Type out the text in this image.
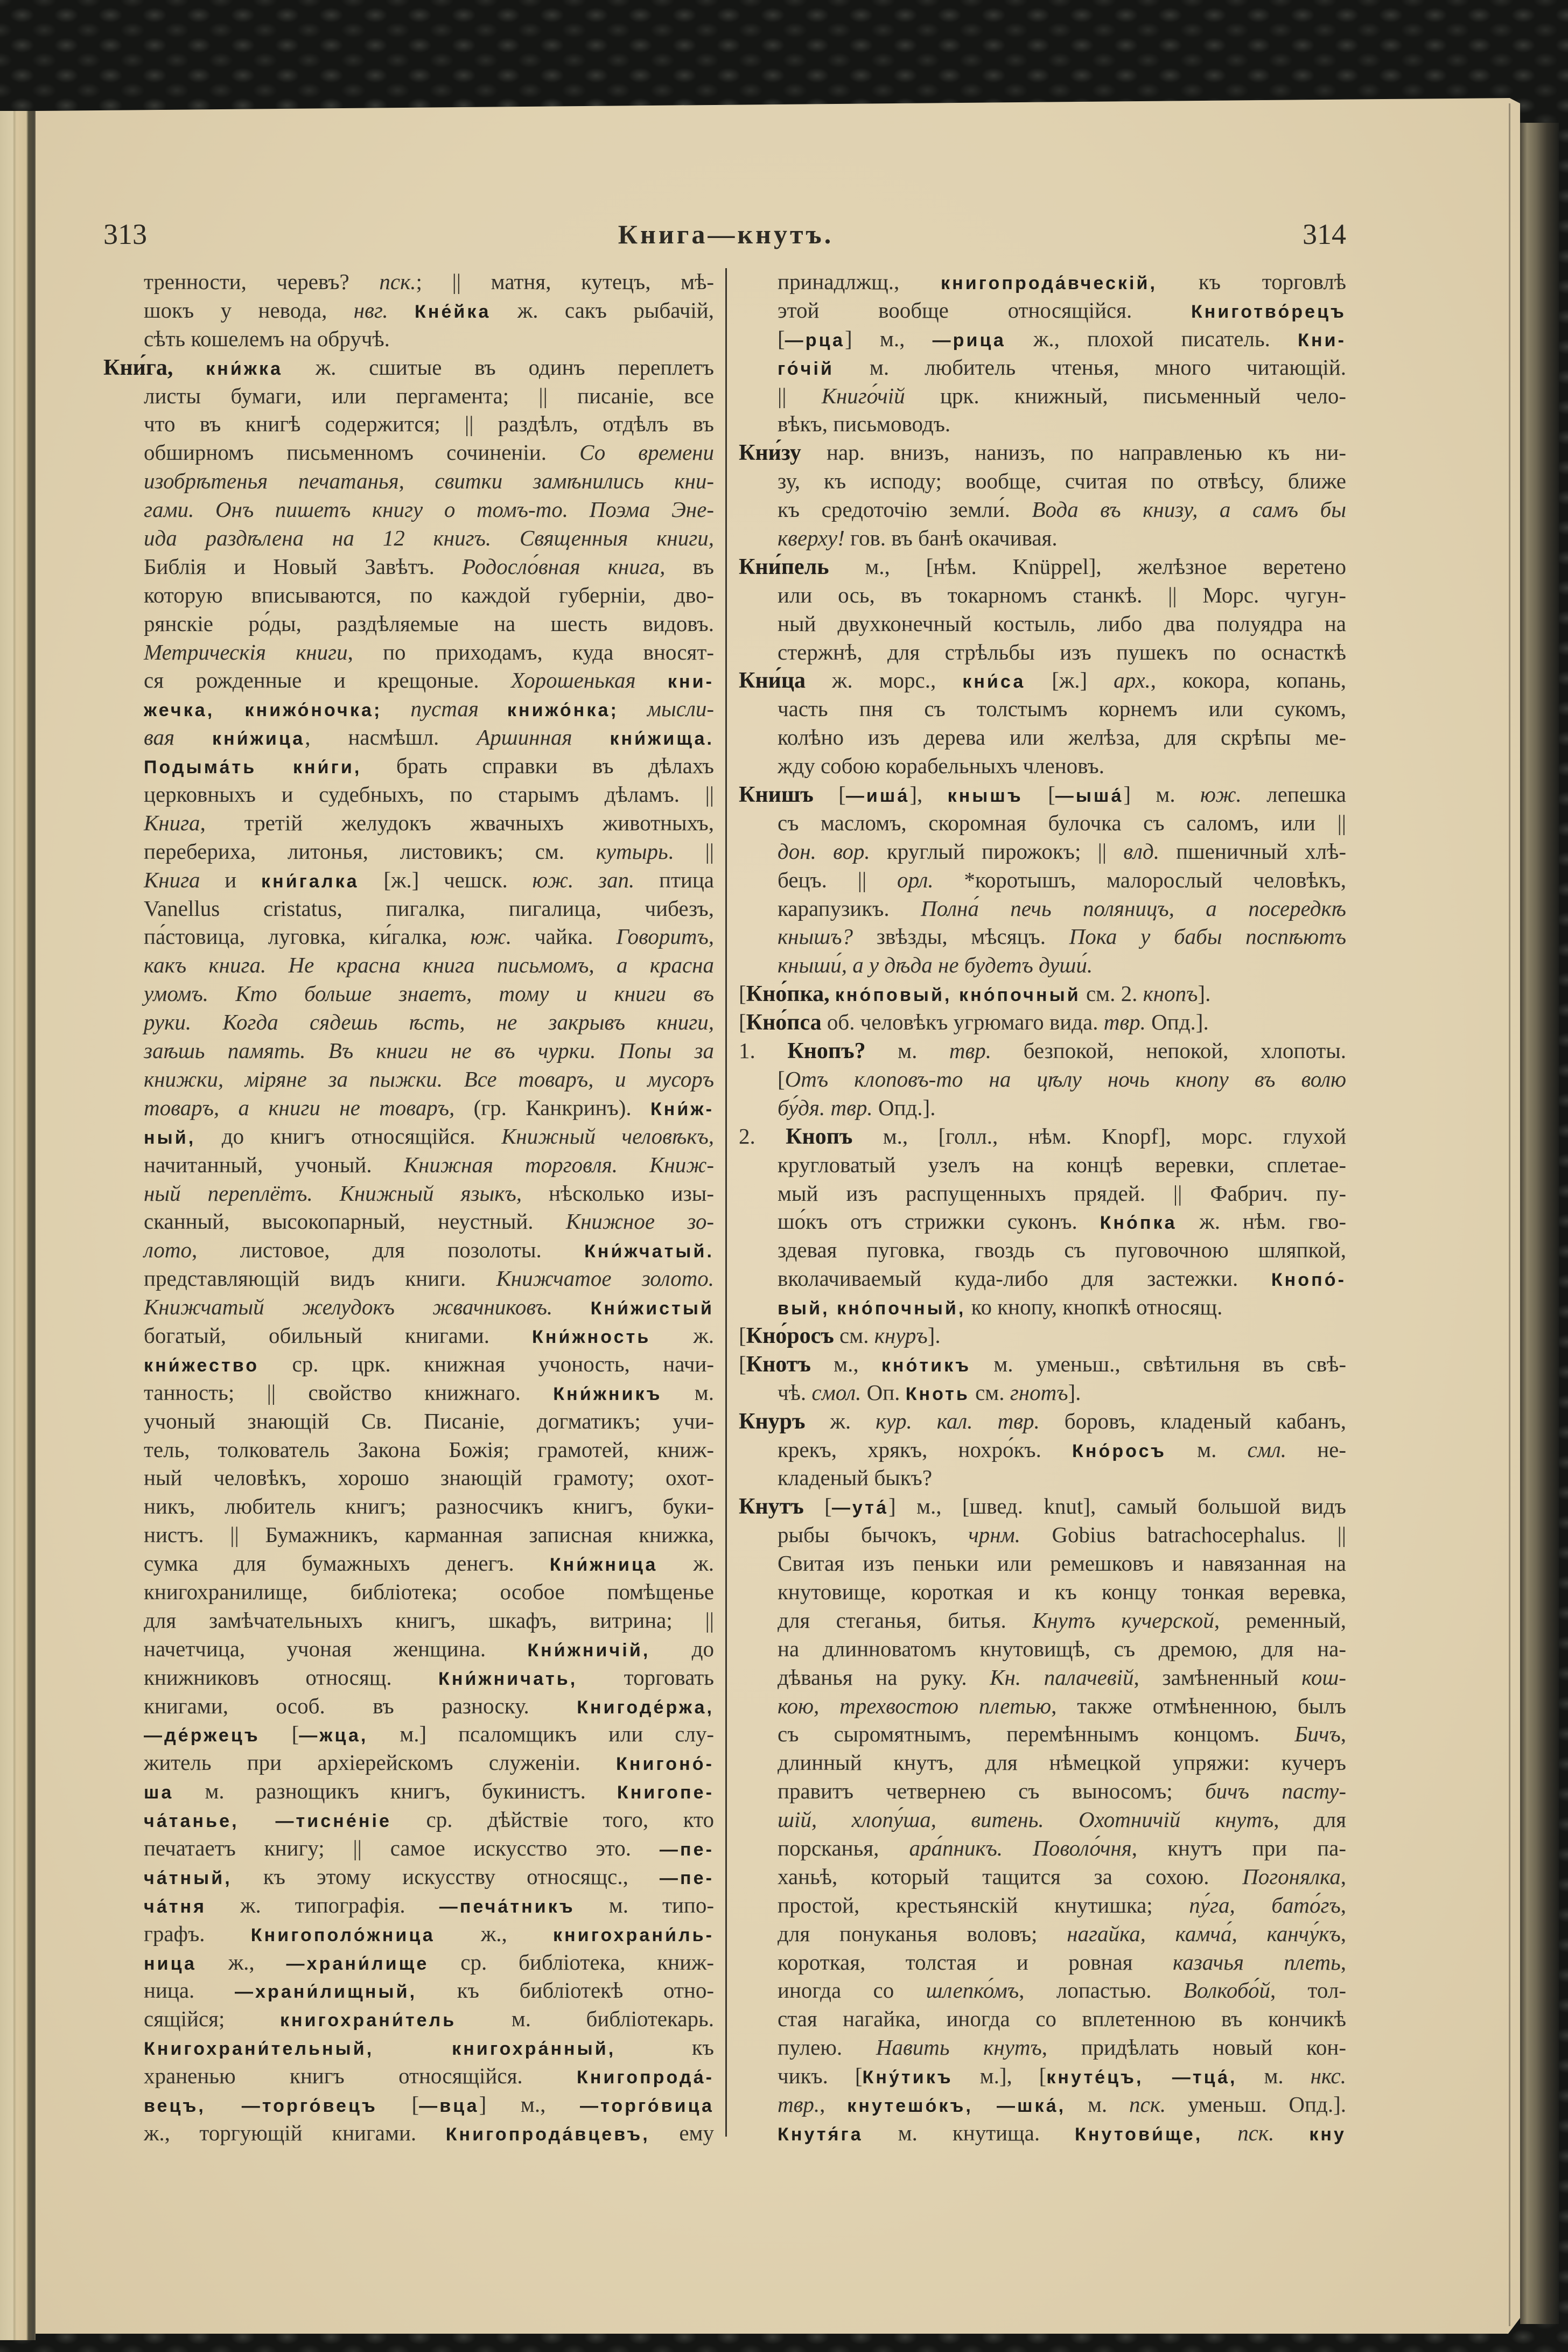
313	Книга—кнутъ.	314
тренности, черевъ? пск.; || матня, кутецъ, мѣ-
шокъ у невода, нвг. Кне́йка ж. сакъ рыбачій,
сѣть кошелемъ на обручѣ.
Кни́га, кни́жка ж. сшитые въ одинъ переплетъ
листы бумаги, или пергамента; || писаніе, все
что въ книгѣ содержится; || раздѣлъ, отдѣлъ въ
обширномъ письменномъ сочиненіи. Со времени
изобрѣтенья печатанья, свитки замѣнились кни-
гами. Онъ пишетъ книгу о томъ-то. Поэма Эне-
ида раздѣлена на 12 книгъ. Священныя книги,
Библія и Новый Завѣтъ. Родосло́вная книга, въ
которую вписываются, по каждой губерніи, дво-
рянскіе ро́ды, раздѣляемые на шесть видовъ.
Метрическія книги, по приходамъ, куда вносят-
ся рожденные и крещоные. Хорошенькая кни-
жечка, книжо́ночка; пустая книжо́нка; мысли-
вая кни́жица, насмѣшл. Аршинная кни́жища.
Подыма́ть кни́ги, брать справки въ дѣлахъ
церковныхъ и судебныхъ, по старымъ дѣламъ. ||
Книга, третій желудокъ жвачныхъ животныхъ,
перебериха, литонья, листовикъ; см. кутырь. ||
Книга и кни́галка [ж.] чешск. юж. зап. птица
Vanellus cristatus, пигалка, пигалица, чибезъ,
па́стовица, луговка, ки́галка, юж. чайка. Говоритъ,
какъ книга. Не красна книга письмомъ, а красна
умомъ. Кто больше знаетъ, тому и книги въ
руки. Когда сядешь ѣсть, не закрывъ книги,
заѣшь память. Въ книги не въ чурки. Попы за
книжки, міряне за пыжки. Все товаръ, и мусоръ
товаръ, а книги не товаръ, (гр. Канкринъ). Кни́ж-
ный, до книгъ относящійся. Книжный человѣкъ,
начитанный, учоный. Книжная торговля. Книж-
ный переплётъ. Книжный языкъ, нѣсколько изы-
сканный, высокопарный, неустный. Книжное зо-
лото, листовое, для позолоты. Кни́жчатый.
представляющій видъ книги. Книжчатое золото.
Книжчатый желудокъ жвачниковъ. Кни́жистый
богатый, обильный книгами. Кни́жность ж.
кни́жество ср. црк. книжная учоность, начи-
танность; || свойство книжнаго. Кни́жникъ м.
учоный знающій Св. Писаніе, догматикъ; учи-
тель, толкователь Закона Божія; грамотей, книж-
ный человѣкъ, хорошо знающій грамоту; охот-
никъ, любитель книгъ; разносчикъ книгъ, буки-
нистъ. || Бумажникъ, карманная записная книжка,
сумка для бумажныхъ денегъ. Кни́жница ж.
книгохранилище, библіотека; особое помѣщенье
для замѣчательныхъ книгъ, шкафъ, витрина; ||
начетчица, учоная женщина. Кни́жничій, до
книжниковъ относящ. Кни́жничать, торговать
книгами, особ. въ разноску. Книгоде́ржа,
—де́ржецъ [—жца, м.] псаломщикъ или слу-
житель при архіерейскомъ служеніи. Книгоно́-
ша м. разнощикъ книгъ, букинистъ. Книгопе-
ча́танье, —тисне́ніе ср. дѣйствіе того, кто
печатаетъ книгу; || самое искусство это. —пе-
ча́тный, къ этому искусству относящс., —пе-
ча́тня ж. типографія. —печа́тникъ м. типо-
графъ. Книгополо́жница ж., книгохрани́ль-
ница ж., —храни́лище ср. библіотека, книж-
ница. —храни́лищный, къ библіотекѣ отно-
сящійся; книгохрани́тель м. библіотекарь.
Книгохрани́тельный, книгохра́нный, къ
храненью книгъ относящійся. Книгопрода́-
вецъ, —торго́вецъ [—вца] м., —торго́вица
ж., торгующій книгами. Книгопрода́вцевъ, ему
принадлжщ., книгопрода́вческій, къ торговлѣ
этой вообще относящійся. Книготво́рецъ
[—рца] м., —рица ж., плохой писатель. Кни-
го́чій м. любитель чтенья, много читающій.
|| Книго́чій црк. книжный, письменный чело-
вѣкъ, письмоводъ.
Кни́зу нар. внизъ, нанизъ, по направленью къ ни-
зу, къ исподу; вообще, считая по отвѣсу, ближе
къ средоточію земли́. Вода въ книзу, а самъ бы
кверху! гов. въ банѣ окачивая.
Кни́пель м., [нѣм. Knüppel], желѣзное веретено
или ось, въ токарномъ станкѣ. || Морс. чугун-
ный двухконечный костыль, либо два полуядра на
стержнѣ, для стрѣльбы изъ пушекъ по оснасткѣ
Кни́ца ж. морс., кни́са [ж.] арх., кокора, копань,
часть пня съ толстымъ корнемъ или сукомъ,
колѣно изъ дерева или желѣза, для скрѣпы ме-
жду собою корабельныхъ членовъ.
Книшъ [—иша́], кнышъ [—ыша́] м. юж. лепешка
съ масломъ, скоромная булочка съ саломъ, или ||
дон. вор. круглый пирожокъ; || влд. пшеничный хлѣ-
бецъ. || орл. *коротышъ, малорослый человѣкъ,
карапузикъ. Полна́ печь поляницъ, а посередкѣ
кнышъ? звѣзды, мѣсяцъ. Пока у бабы поспѣютъ
кныши́, а у дѣда не будетъ души́.
[Кно́пка, кно́повый, кно́почный см. 2. кнопъ].
[Кно́пса об. человѣкъ угрюмаго вида. твр. Опд.].
1. Кнопъ? м. твр. безпокой, непокой, хлопоты.
[Отъ клоповъ-то на цѣлу ночь кнопу въ волю
бу́дя. твр. Опд.].
2. Кнопъ м., [голл., нѣм. Knopf], морс. глухой
кругловатый узелъ на концѣ веревки, сплетае-
мый изъ распущенныхъ прядей. || Фабрич. пу-
шо́къ отъ стрижки суконъ. Кно́пка ж. нѣм. гво-
здевая пуговка, гвоздь съ пуговочною шляпкой,
вколачиваемый куда-либо для застежки. Кнопо́-
вый, кно́почный, ко кнопу, кнопкѣ относящ.
[Кно́росъ см. кнуръ].
[Кнотъ м., кно́тикъ м. уменьш., свѣтильня въ свѣ-
чѣ. смол. Оп. Кноть см. гнотъ].
Кнуръ ж. кур. кал. твр. боровъ, кладеный кабанъ,
крекъ, хрякъ, нохро́къ. Кно́росъ м. смл. не-
кладеный быкъ?
Кнутъ [—ута́] м., [швед. knut], самый большой видъ
рыбы бычокъ, чрнм. Gobius batrachocephalus. ||
Свитая изъ пеньки или ремешковъ и навязанная на
кнутовище, короткая и къ концу тонкая веревка,
для стеганья, битья. Кнутъ кучерской, ременный,
на длинноватомъ кнутовищѣ, съ дремою, для на-
дѣванья на руку. Кн. палачевій, замѣненный кош-
кою, трехвостою плетью, также отмѣненною, былъ
съ сыромятнымъ, перемѣннымъ концомъ. Бичъ,
длинный кнутъ, для нѣмецкой упряжи: кучеръ
правитъ четвернею съ выносомъ; бичъ пасту-
шій, хлопу́ша, витень. Охотничій кнутъ, для
порсканья, ара́пникъ. Поволо́чня, кнутъ при па-
ханьѣ, который тащится за сохою. Погонялка,
простой, крестьянскій кнутишка; пу́га, бато́гъ,
для понуканья воловъ; нагайка, камча́, канчу́къ,
короткая, толстая и ровная казачья плеть,
иногда со шлепко́мъ, лопастью. Волкобо́й, тол-
стая нагайка, иногда со вплетенною въ кончикѣ
пулею. Навить кнутъ, придѣлать новый кон-
чикъ. [Кну́тикъ м.], [кнуте́цъ, —тца́, м. нкс.
твр., кнутешо́къ, —шка́, м. пск. уменьш. Опд.].
Кнутя́га м. кнутища. Кнутови́ще, пск. кну
